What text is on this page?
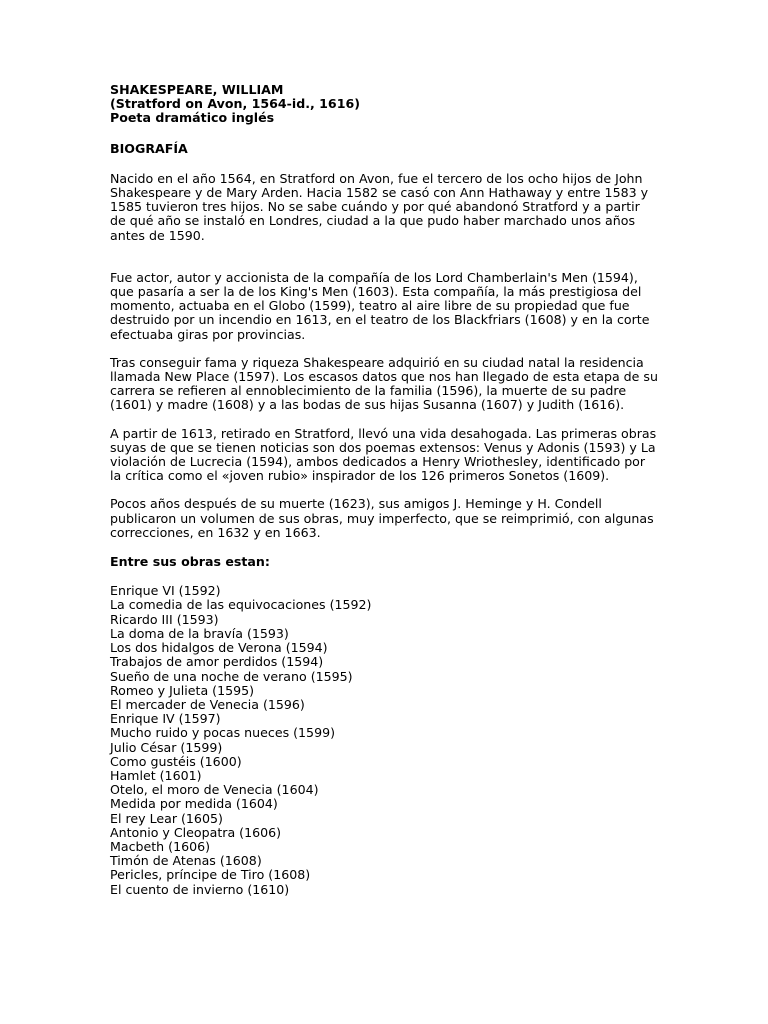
SHAKESPEARE, WILLIAM
(Stratford on Avon, 1564-id., 1616)
Poeta dramático inglés
BIOGRAFÍA

Nacido en el año 1564, en Stratford on Avon, fue el tercero de los ocho hijos de John Shakespeare y de Mary Arden. Hacia 1582 se casó con Ann Hathaway y entre 1583 y 1585 tuvieron tres hijos. No se sabe cuándo y por qué abandonó Stratford y a partir de qué año se instaló en Londres, ciudad a la que pudo haber marchado unos años antes de 1590.

Fue actor, autor y accionista de la compañía de los Lord Chamberlain's Men (1594), que pasaría a ser la de los King's Men (1603). Esta compañía, la más prestigiosa del momento, actuaba en el Globo (1599), teatro al aire libre de su propiedad que fue destruido por un incendio en 1613, en el teatro de los Blackfriars (1608) y en la corte efectuaba giras por provincias.

Tras conseguir fama y riqueza Shakespeare adquirió en su ciudad natal la residencia llamada New Place (1597). Los escasos datos que nos han llegado de esta etapa de su carrera se refieren al ennoblecimiento de la familia (1596), la muerte de su padre (1601) y madre (1608) y a las bodas de sus hijas Susanna (1607) y Judith (1616).

A partir de 1613, retirado en Stratford, llevó una vida desahogada. Las primeras obras suyas de que se tienen noticias son dos poemas extensos: Venus y Adonis (1593) y La violación de Lucrecia (1594), ambos dedicados a Henry Wriothesley, identificado por la crítica como el «joven rubio» inspirador de los 126 primeros Sonetos (1609).

Pocos años después de su muerte (1623), sus amigos J. Heminge y H. Condell publicaron un volumen de sus obras, muy imperfecto, que se reimprimió, con algunas correcciones, en 1632 y en 1663.

Entre sus obras estan:
Enrique VI (1592)
La comedia de las equivocaciones (1592)
Ricardo III (1593)
La doma de la bravía (1593)
Los dos hidalgos de Verona (1594)
Trabajos de amor perdidos (1594)
Sueño de una noche de verano (1595)
Romeo y Julieta (1595)
El mercader de Venecia (1596)
Enrique IV (1597)
Mucho ruido y pocas nueces (1599)
Julio César (1599)
Como gustéis (1600)
Hamlet (1601)
Otelo, el moro de Venecia (1604)
Medida por medida (1604)
El rey Lear (1605)
Antonio y Cleopatra (1606)
Macbeth (1606)
Timón de Atenas (1608)
Pericles, príncipe de Tiro (1608)
El cuento de invierno (1610)
